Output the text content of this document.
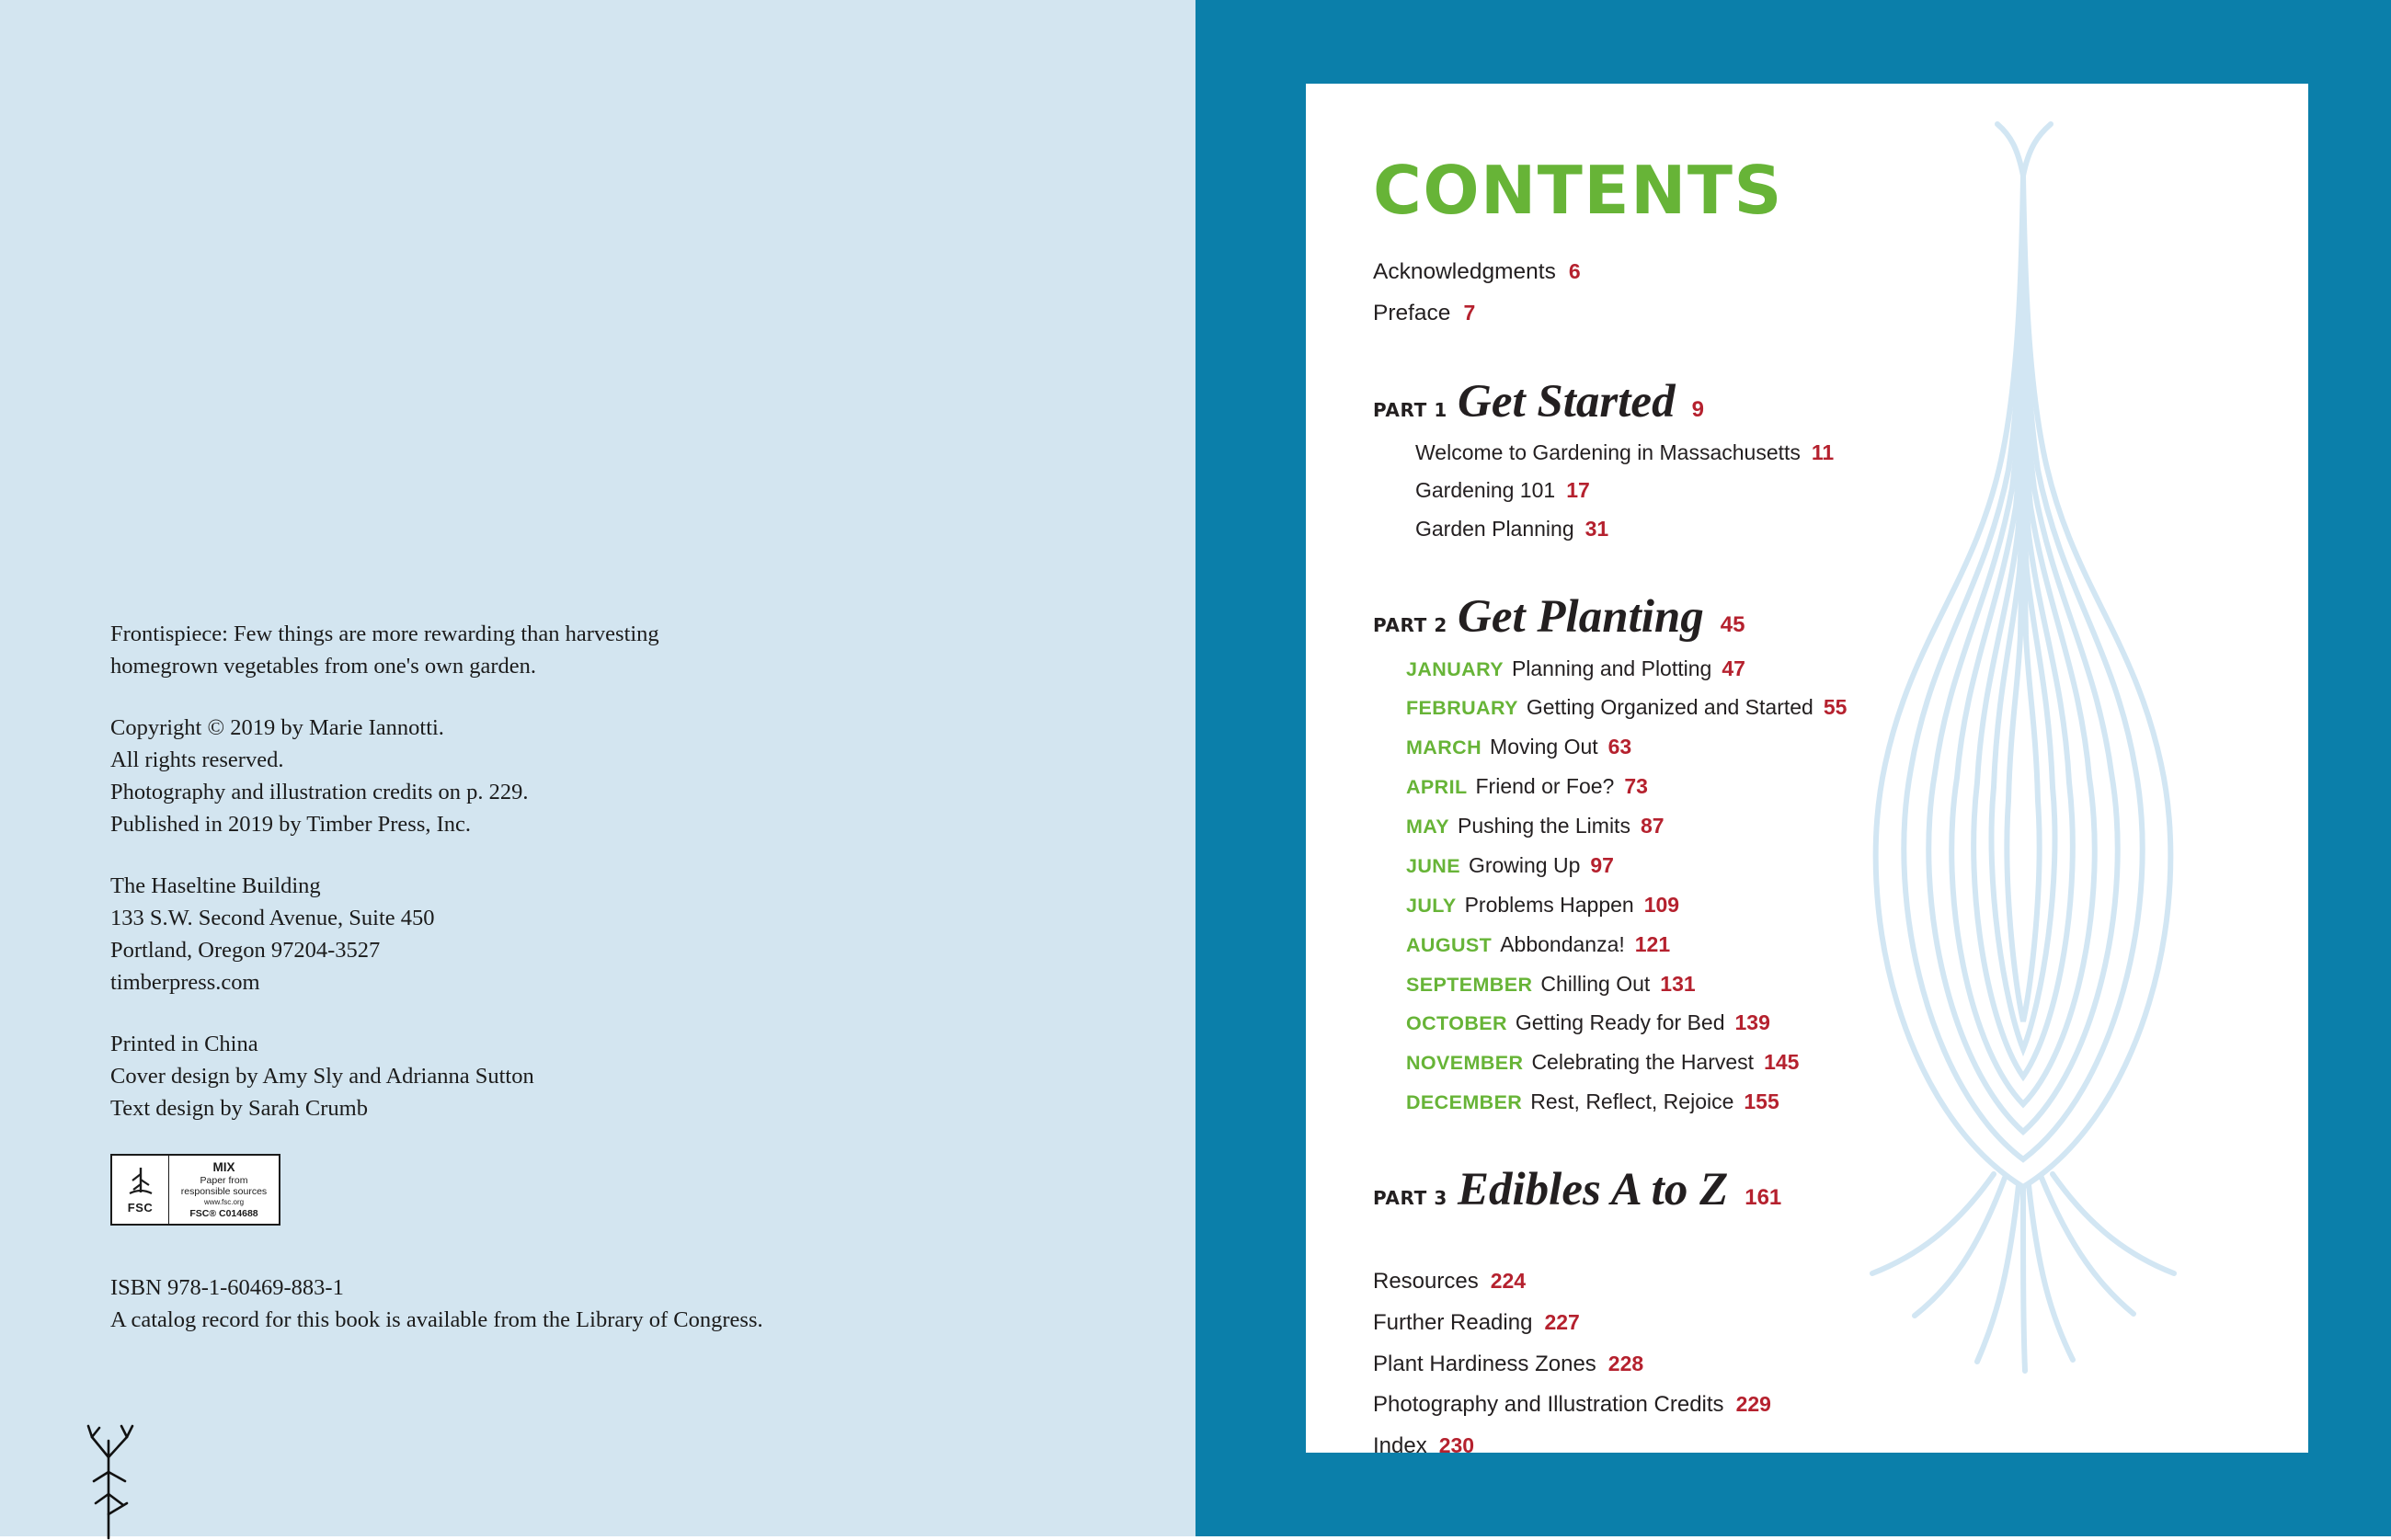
Frontispiece: Few things are more rewarding than harvesting
homegrown vegetables from one's own garden.

Copyright © 2019 by Marie Iannotti.
All rights reserved.
Photography and illustration credits on p. 229.
Published in 2019 by Timber Press, Inc.

The Haseltine Building
133 S.W. Second Avenue, Suite 450
Portland, Oregon 97204-3527
timberpress.com

Printed in China
Cover design by Amy Sly and Adrianna Sutton
Text design by Sarah Crumb

FSC
MIX
Paper from
responsible sources
www.fsc.org
FSC® C014688
ISBN 978-1-60469-883-1
A catalog record for this book is available from the Library of Congress.
CONTENTS
Acknowledgments 6
Preface 7
PART 1 Get Started 9
Welcome to Gardening in Massachusetts 11
Gardening 101 17
Garden Planning 31
PART 2 Get Planting 45
JANUARY Planning and Plotting 47
FEBRUARY Getting Organized and Started 55
MARCH Moving Out 63
APRIL Friend or Foe? 73
MAY Pushing the Limits 87
JUNE Growing Up 97
JULY Problems Happen 109
AUGUST Abbondanza! 121
SEPTEMBER Chilling Out 131
OCTOBER Getting Ready for Bed 139
NOVEMBER Celebrating the Harvest 145
DECEMBER Rest, Reflect, Rejoice 155
PART 3 Edibles A to Z 161
Resources 224
Further Reading 227
Plant Hardiness Zones 228
Photography and Illustration Credits 229
Index 230
